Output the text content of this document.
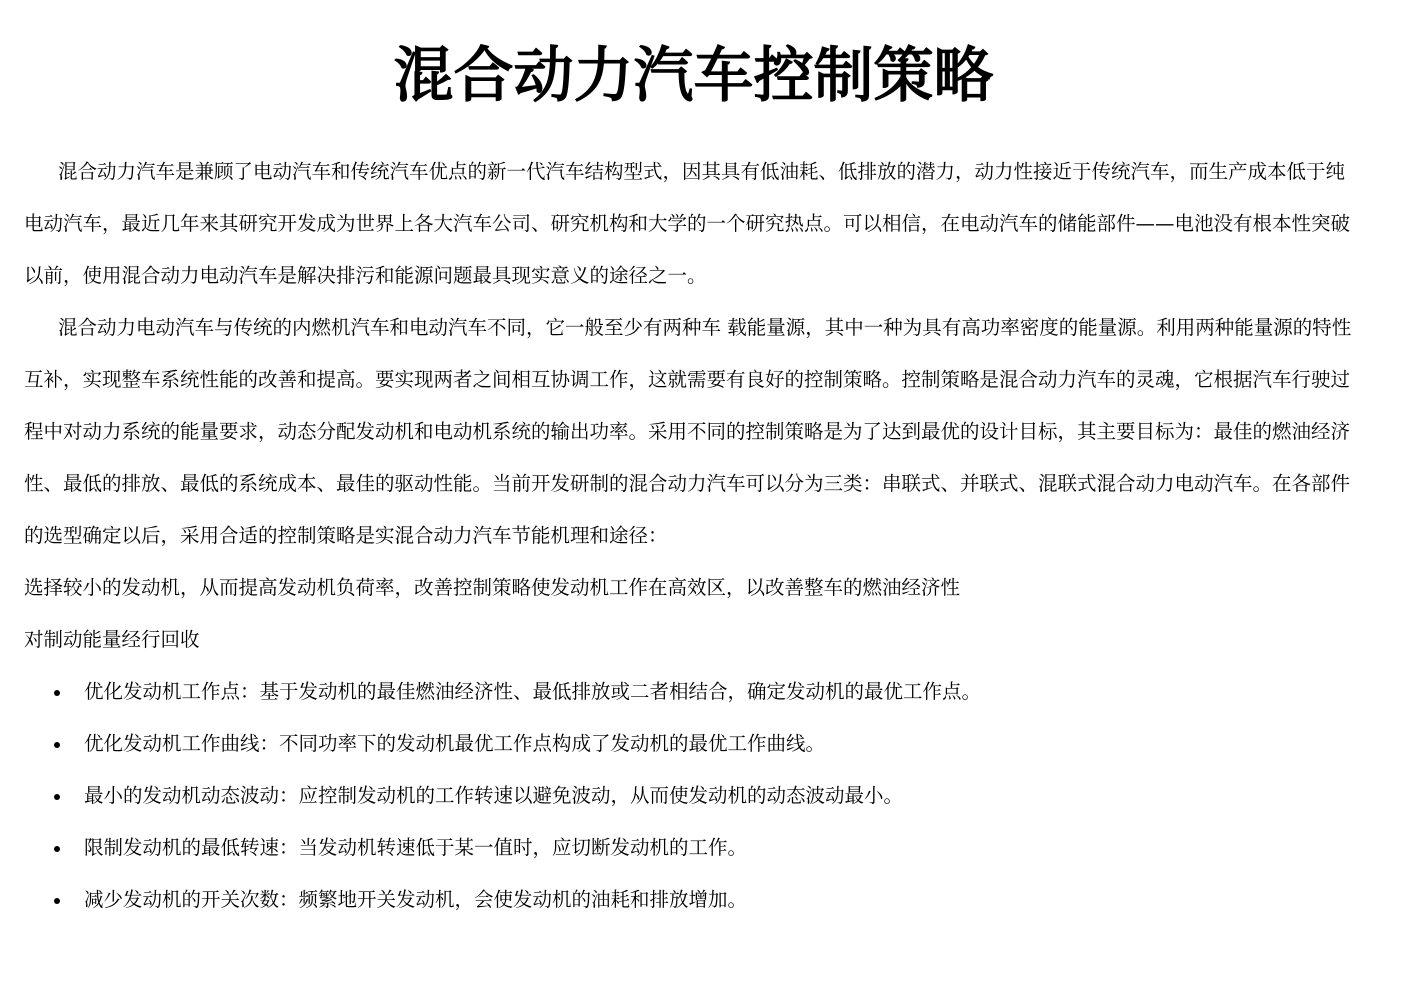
混合动力汽车控制策略

混合动力汽车是兼顾了电动汽车和传统汽车优点的新一代汽车结构型式，因其具有低油耗、低排放的潜力，动力性接近于传统汽车，而生产成本低于纯电动汽车，最近几年来其研究开发成为世界上各大汽车公司、研究机构和大学的一个研究热点。可以相信，在电动汽车的储能部件——电池没有根本性突破以前，使用混合动力电动汽车是解决排污和能源问题最具现实意义的途径之一。

混合动力电动汽车与传统的内燃机汽车和电动汽车不同，它一般至少有两种车 载能量源，其中一种为具有高功率密度的能量源。利用两种能量源的特性互补，实现整车系统性能的改善和提高。要实现两者之间相互协调工作，这就需要有良好的控制策略。控制策略是混合动力汽车的灵魂，它根据汽车行驶过程中对动力系统的能量要求，动态分配发动机和电动机系统的输出功率。采用不同的控制策略是为了达到最优的设计目标，其主要目标为：最佳的燃油经济性、最低的排放、最低的系统成本、最佳的驱动性能。当前开发研制的混合动力汽车可以分为三类：串联式、并联式、混联式混合动力电动汽车。在各部件的选型确定以后，采用合适的控制策略是实混合动力汽车节能机理和途径：

选择较小的发动机，从而提高发动机负荷率，改善控制策略使发动机工作在高效区，以改善整车的燃油经济性

对制动能量经行回收

优化发动机工作点：基于发动机的最佳燃油经济性、最低排放或二者相结合，确定发动机的最优工作点。
优化发动机工作曲线：不同功率下的发动机最优工作点构成了发动机的最优工作曲线。
最小的发动机动态波动：应控制发动机的工作转速以避免波动，从而使发动机的动态波动最小。
限制发动机的最低转速：当发动机转速低于某一值时，应切断发动机的工作。
减少发动机的开关次数：频繁地开关发动机，会使发动机的油耗和排放增加。
